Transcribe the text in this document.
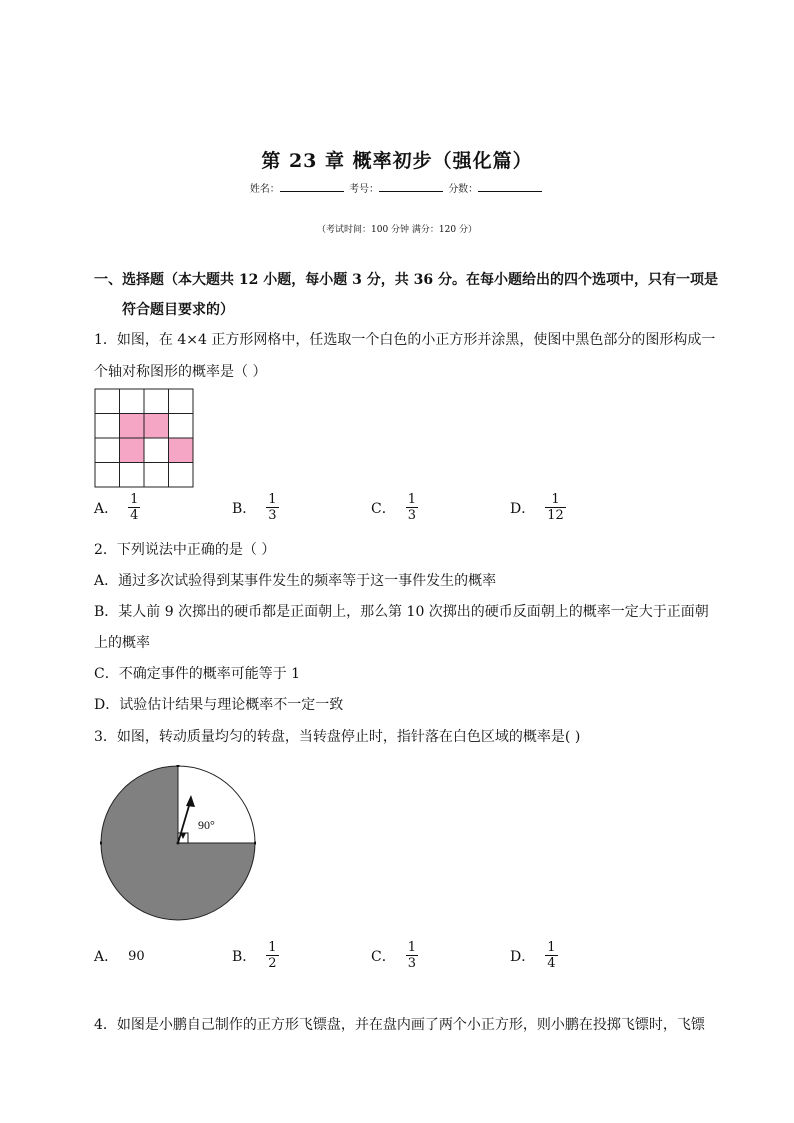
第 23 章 概率初步（强化篇）
姓名：	考号：	分数：
（考试时间：100 分钟 满分：120 分）
一、选择题（本大题共 12 小题，每小题 3 分，共 36 分。在每小题给出的四个选项中，只有一项是
符合题目要求的）
1．如图，在 4×4 正方形网格中，任选取一个白色的小正方形并涂黑，使图中黑色部分的图形构成一
个轴对称图形的概率是（ ）
A． $\frac{1}{4}$	B． $\frac{1}{3}$	C． $\frac{1}{3}$	D． $\frac{1}{12}$
2．下列说法中正确的是（ ）
A．通过多次试验得到某事件发生的频率等于这一事件发生的概率
B．某人前 9 次掷出的硬币都是正面朝上，那么第 10 次掷出的硬币反面朝上的概率一定大于正面朝
上的概率
C．不确定事件的概率可能等于 1
D．试验估计结果与理论概率不一定一致
3．如图，转动质量均匀的转盘，当转盘停止时，指针落在白色区域的概率是( )
90°
A． 90	B． $\frac{1}{2}$	C． $\frac{1}{3}$	D． $\frac{1}{4}$
4．如图是小鹏自己制作的正方形飞镖盘，并在盘内画了两个小正方形，则小鹏在投掷飞镖时，飞镖
